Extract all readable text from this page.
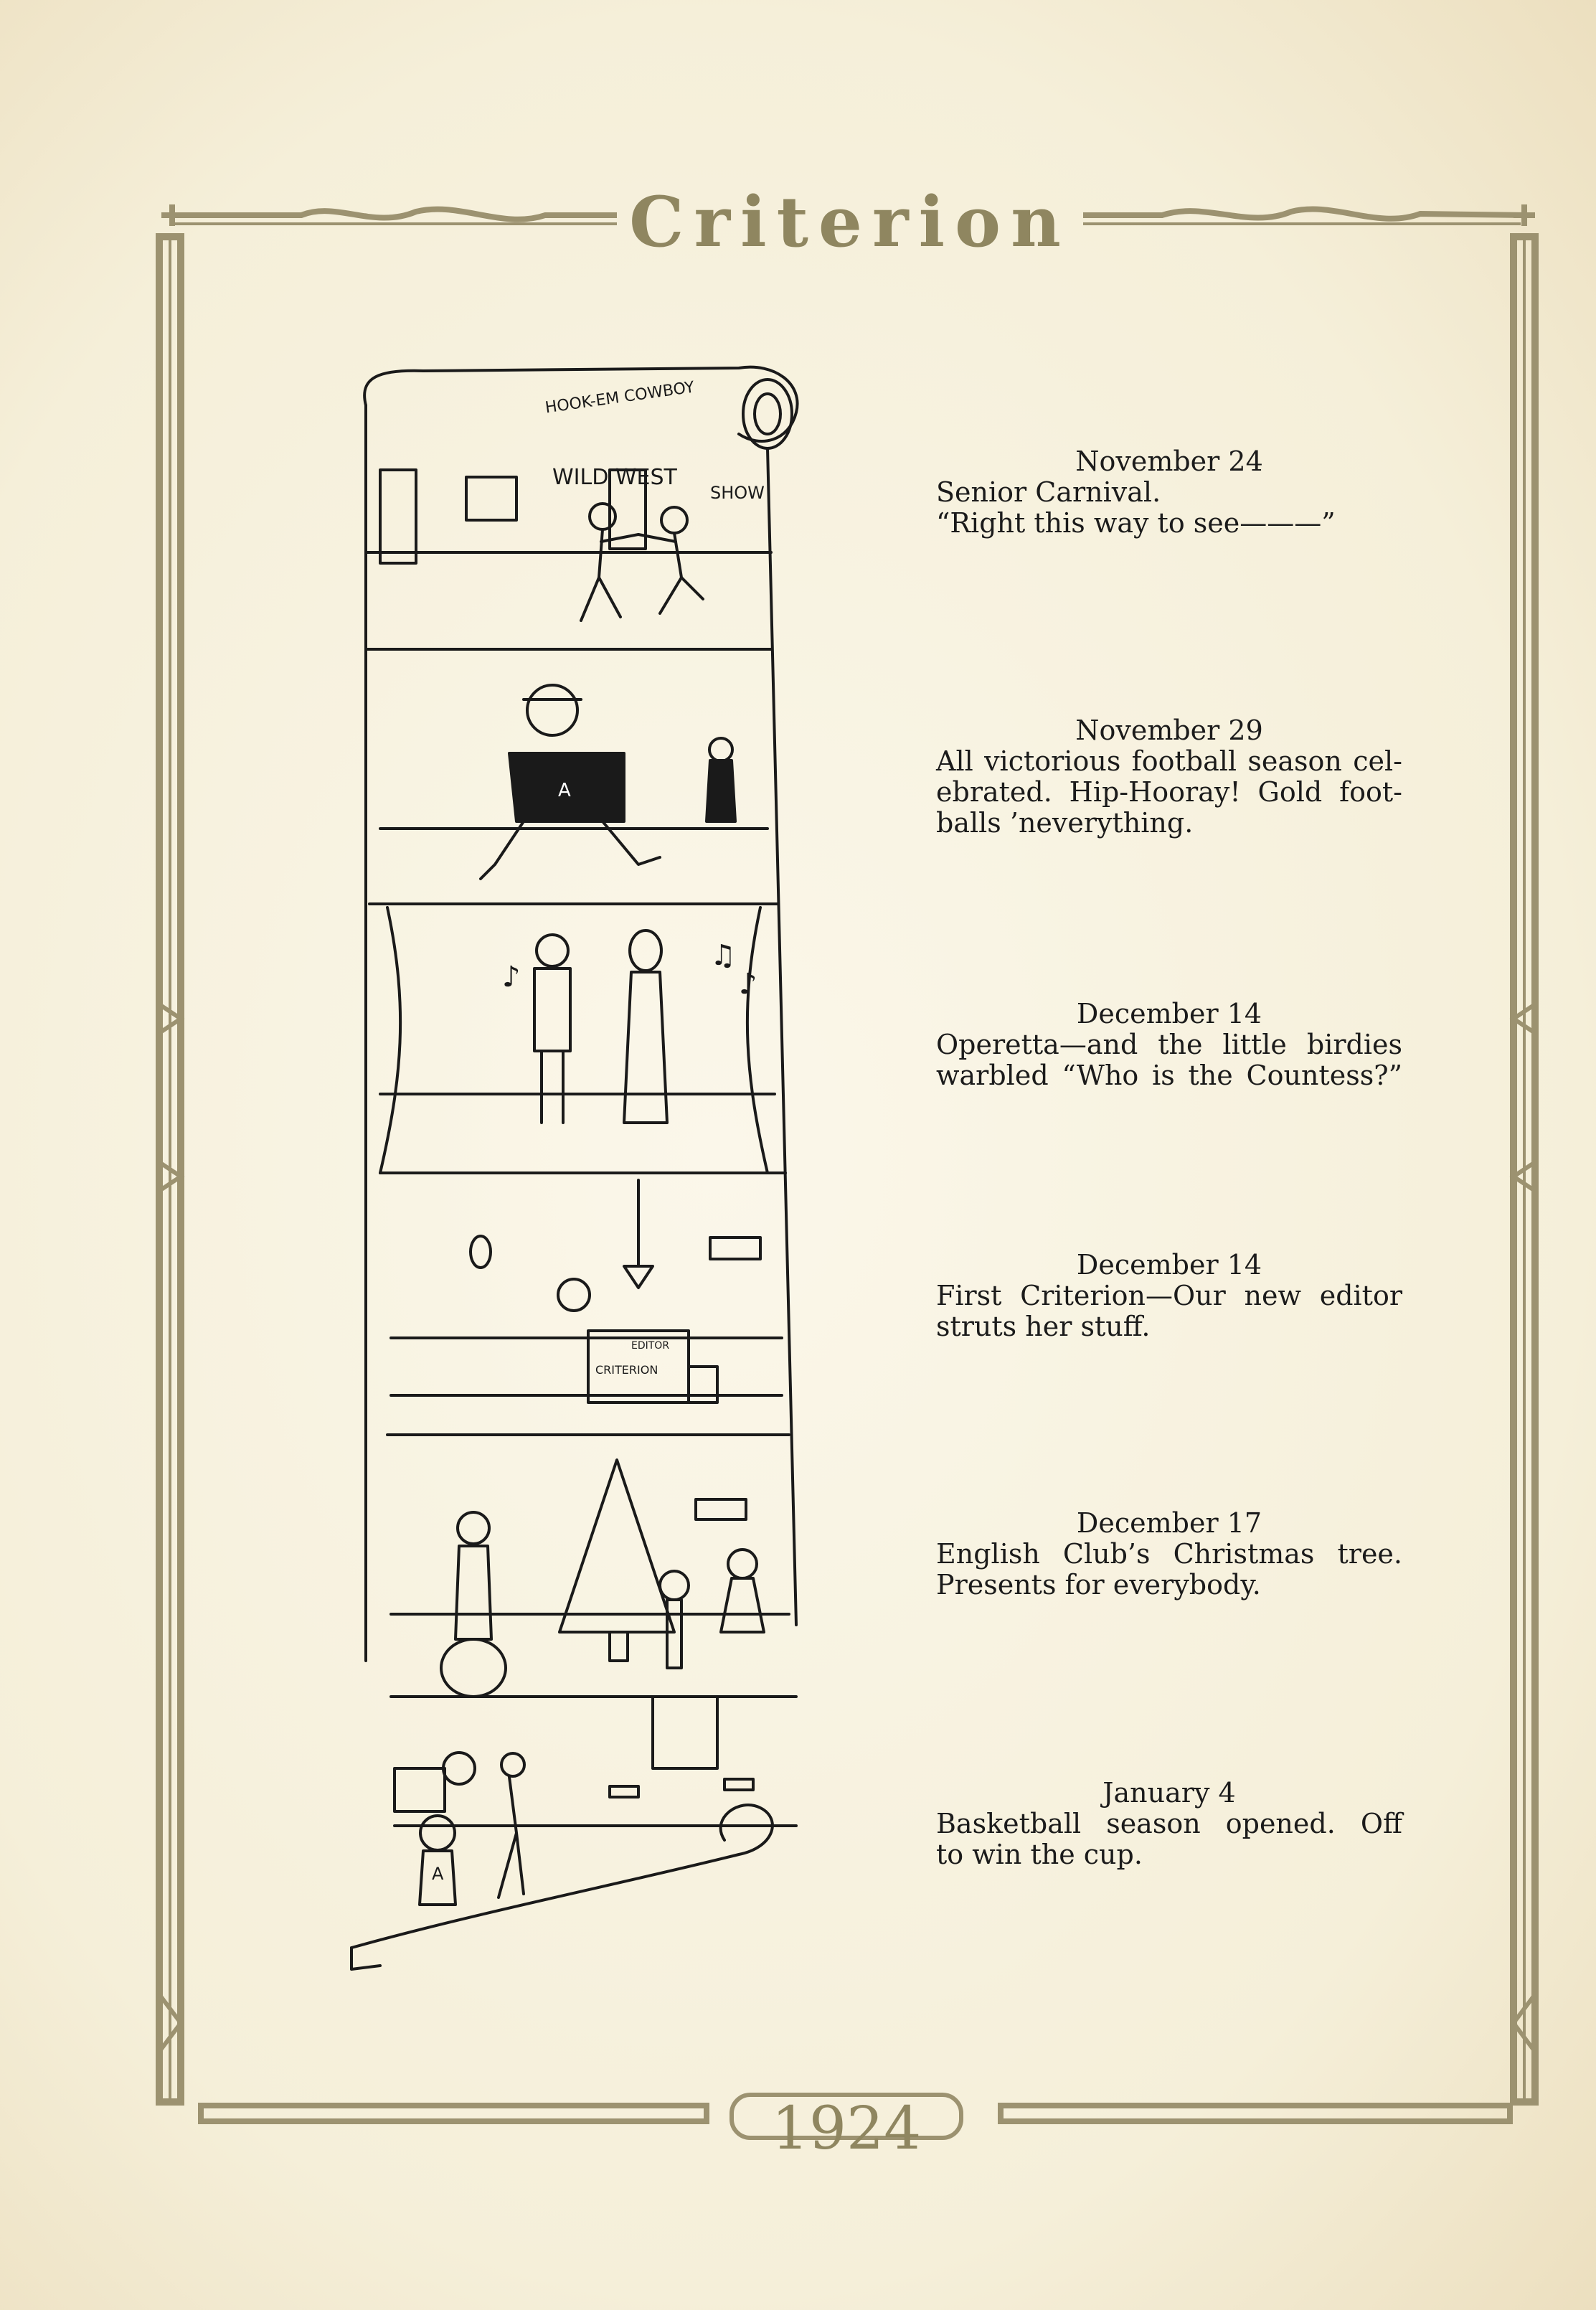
Criterion
1924
♪
♫
♪
HOOK-EM COWBOY
WILD WEST
SHOW
EDITOR
CRITERION
A
A
November 24
Senior Carnival.
“Right this way to see———”
November 29
All victorious football season cel-
ebrated. Hip-Hooray! Gold foot-
balls ’neverything.
December 14
Operetta—and the little birdies
warbled “Who is the Countess?”
December 14
First Criterion—Our new editor
struts her stuff.
December 17
English Club’s Christmas tree.
Presents for everybody.
January 4
Basketball season opened. Off
to win the cup.
